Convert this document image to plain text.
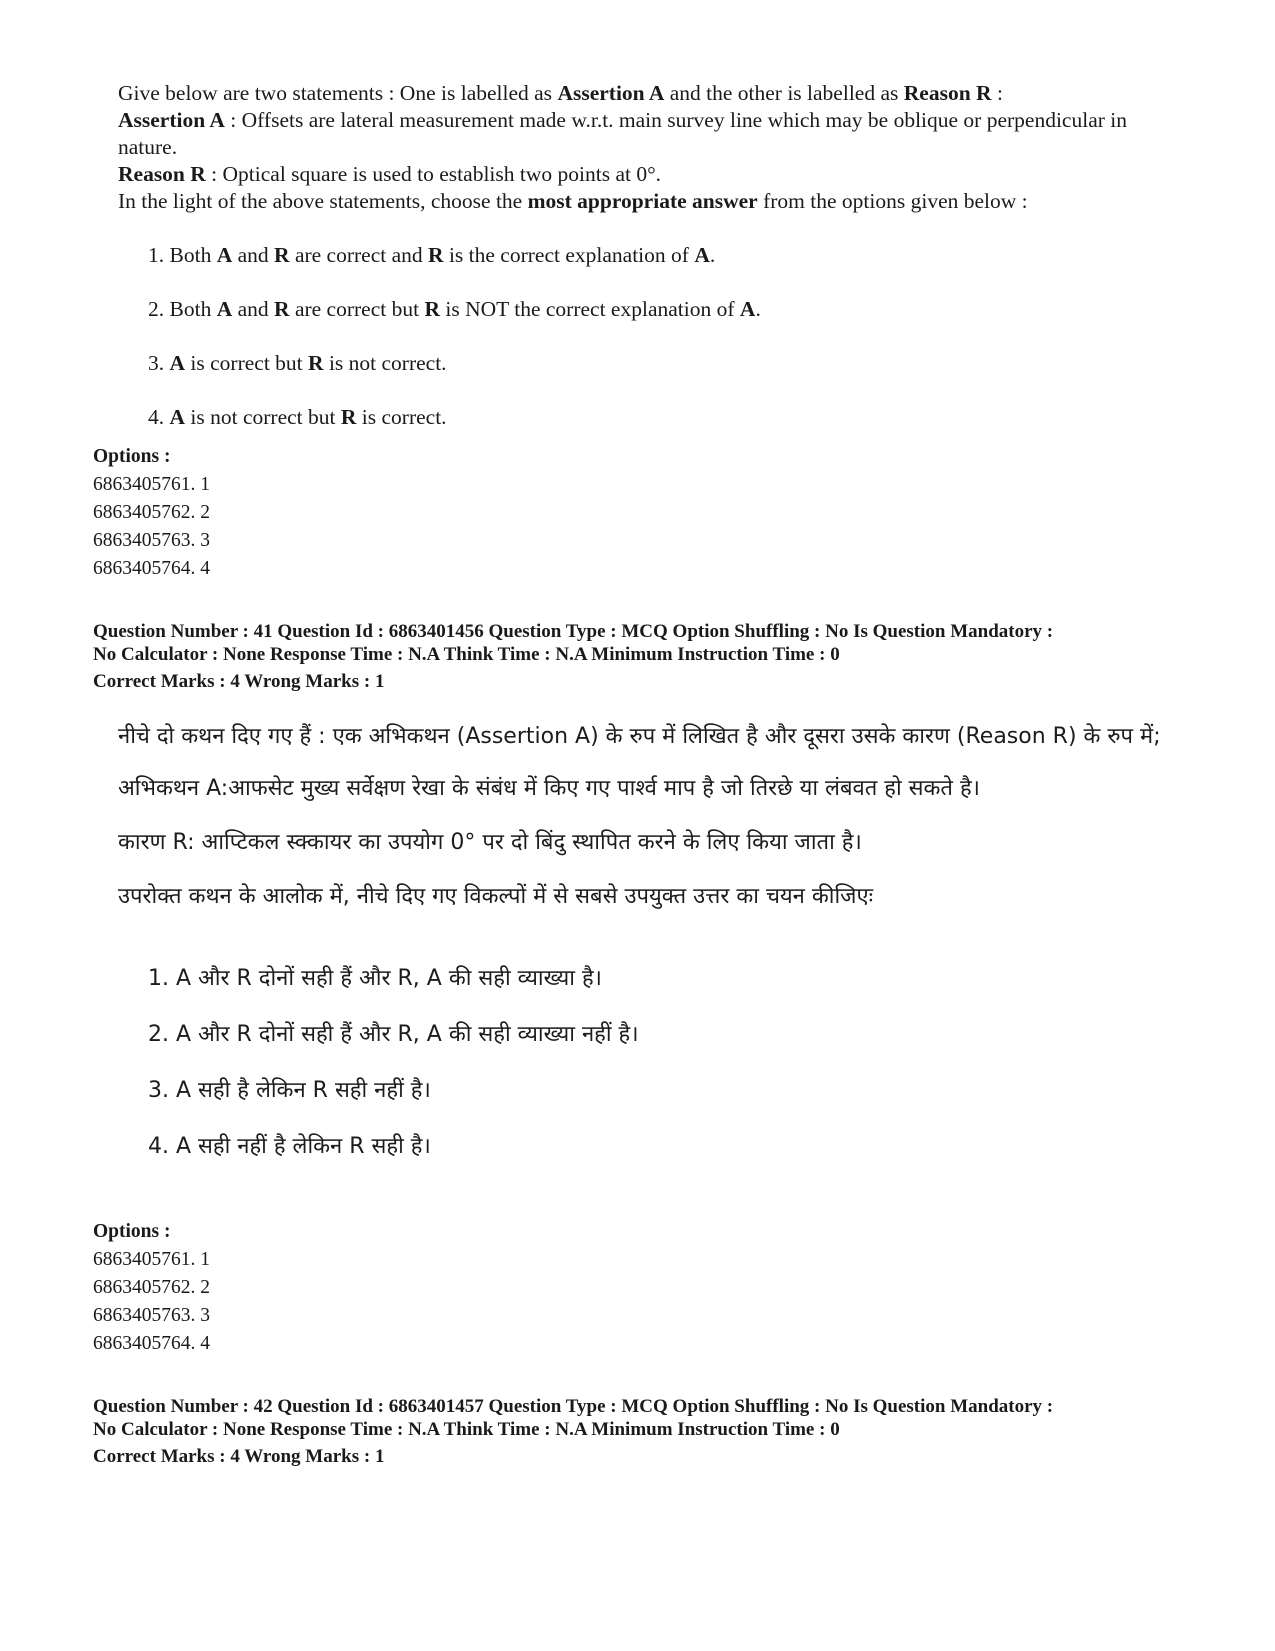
Give below are two statements : One is labelled as Assertion A and the other is labelled as Reason R :

Assertion A : Offsets are lateral measurement made w.r.t. main survey line which may be oblique or perpendicular in nature.

Reason R : Optical square is used to establish two points at 0°.

In the light of the above statements, choose the most appropriate answer from the options given below :

1. Both A and R are correct and R is the correct explanation of A.
2. Both A and R are correct but R is NOT the correct explanation of A.
3. A is correct but R is not correct.
4. A is not correct but R is correct.
Options :
6863405761. 1
6863405762. 2
6863405763. 3
6863405764. 4
Question Number : 41 Question Id : 6863401456 Question Type : MCQ Option Shuffling : No Is Question Mandatory :
No Calculator : None Response Time : N.A Think Time : N.A Minimum Instruction Time : 0
Correct Marks : 4 Wrong Marks : 1

नीचे दो कथन दिए गए हैं : एक अभिकथन (Assertion A) के रुप में लिखित है और दूसरा उसके कारण (Reason R) के रुप में;

अभिकथन A:आफसेट मुख्य सर्वेक्षण रेखा के संबंध में किए गए पार्श्व माप है जो तिरछे या लंबवत हो सकते है।

कारण R: आप्टिकल स्क्कायर का उपयोग 0° पर दो बिंदु स्थापित करने के लिए किया जाता है।

उपरोक्त कथन के आलोक में, नीचे दिए गए विकल्पों में से सबसे उपयुक्त उत्तर का चयन कीजिएः

1. A और R दोनों सही हैं और R, A की सही व्याख्या है।
2. A और R दोनों सही हैं और R, A की सही व्याख्या नहीं है।
3. A सही है लेकिन R सही नहीं है।
4. A सही नहीं है लेकिन R सही है।
Options :
6863405761. 1
6863405762. 2
6863405763. 3
6863405764. 4
Question Number : 42 Question Id : 6863401457 Question Type : MCQ Option Shuffling : No Is Question Mandatory :
No Calculator : None Response Time : N.A Think Time : N.A Minimum Instruction Time : 0
Correct Marks : 4 Wrong Marks : 1
